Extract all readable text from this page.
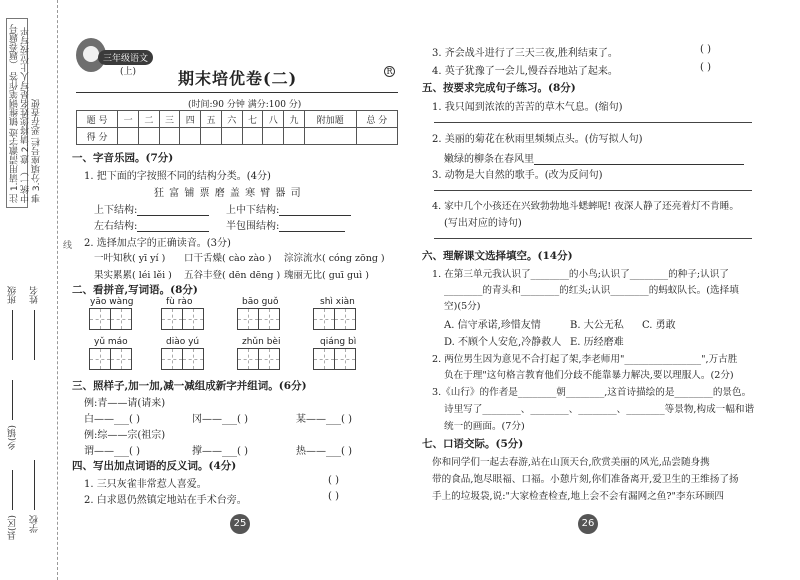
注 1.请用清澈字迹 镇维钢笔作答 （题卷题号中统一） 意 2.请将您姓名是写人上位按写平 事 3.分填座号栏 恶存查使
班级 姓名
乡(镇)
县(区) 学校
线
三年级语文
(上)	期末培优卷(二)	R
(时间:90 分钟 满分:100 分)
题 号	一	二	三	四	五	六	七	八	九	附加题	总 分
得 分											
一、字音乐园。(7分)
1. 把下面的字按照不同的结构分类。(4分)
狂 富 铺 票 磨 盖 寒 臂 器 司
上下结构:	上中下结构:
左右结构:	半包围结构:
2. 选择加点字的正确读音。(3分)
一叶知秋( yī yí ) 口干舌燥( cào zào ) 淙淙流水( cóng zōng )
果实累累( léi lěi ) 五谷丰登( dēn dēng ) 瑰丽无比( guī guì )
二、看拼音,写词语。(8分)
yāo wàng	fù rào	bāo guǒ	shì xiàn
yǔ máo	diào yú	zhǔn bèi	qiáng bì
三、照样子,加一加,减一减组成新字并组词。(6分)
例:青——请(请来)
白——___( )	冈——___( )	某——___( )
例:综——宗(祖宗)
谓——___( )	撑——___( )	热——___( )
四、写出加点词语的反义词。(4分)
1. 三只灰雀非常惹人喜爱。	( )
2. 白求恩仍然镇定地站在手术台旁。	( )
25
3. 齐会战斗进行了三天三夜,胜利结束了。	( )
4. 英子犹豫了一会儿,慢吞吞地站了起来。	( )
五、按要求完成句子练习。(8分)
1. 我只闻到浓浓的苦苦的草木气息。(缩句)
2. 美丽的菊花在秋雨里频频点头。(仿写拟人句)
嫩绿的柳条在春风里
3. 动物是大自然的歌手。(改为反问句)
4. 家中几个小孩还在兴致勃勃地斗蟋蟀呢! 夜深人静了还亮着灯不肯睡。
(写出对应的诗句)
六、理解课文选择填空。(14分)
1. 在第三单元我认识了________的小鸟;认识了________的种子;认识了
________的青头和________的红头;认识________的蚂蚁队长。(选择填
空)(5分)
A. 信守承诺,珍惜友情	B. 大公无私 C. 勇敢
D. 不顾个人安危,冷静救人 E. 历经磨难
2. 两位男生因为意见不合打起了架,李老师用"________________",万古胜
负在于理"这句格言教育他们分歧不能靠暴力解决,要以理服人。(2分)
3.《山行》的作者是________朝________,这首诗描绘的是________的景色。
诗里写了________、________、________、________等景物,构成一幅和谐
统一的画面。(7分)
七、口语交际。(5分)
你和同学们一起去春游,站在山顶天台,欣赏美丽的风光,品尝随身携
带的食品,饱尽眼福、口福。小憩片刻,你们准备离开,爱卫生的王维扬了扬
手上的垃圾袋,说:"大家检查检查,地上会不会有漏网之鱼?"李东环顾四
26
